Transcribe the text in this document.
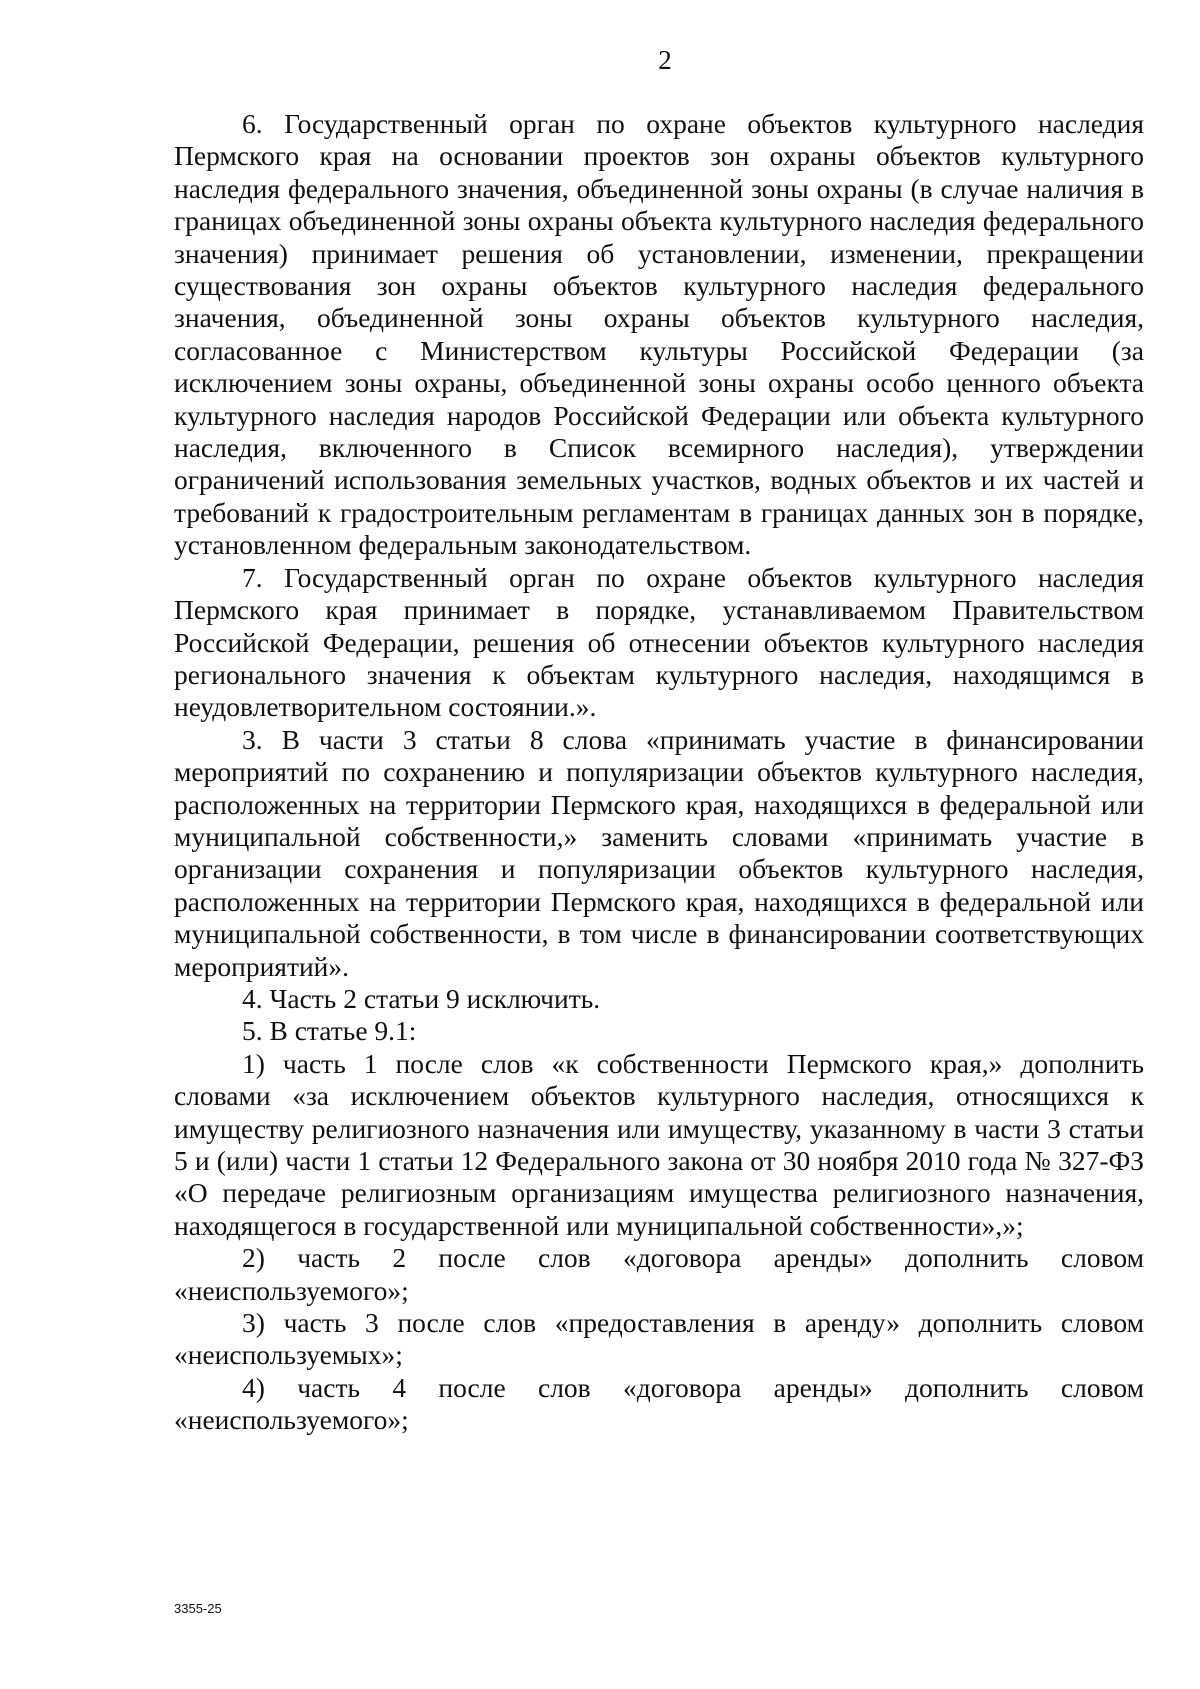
2

6. Государственный орган по охране объектов культурного наследия Пермского края на основании проектов зон охраны объектов культурного наследия федерального значения, объединенной зоны охраны (в случае наличия в границах объединенной зоны охраны объекта культурного наследия федерального значения) принимает решения об установлении, изменении, прекращении существования зон охраны объектов культурного наследия федерального значения, объединенной зоны охраны объектов культурного наследия, согласованное с Министерством культуры Российской Федерации (за исключением зоны охраны, объединенной зоны охраны особо ценного объекта культурного наследия народов Российской Федерации или объекта культурного наследия, включенного в Список всемирного наследия), утверждении ограничений использования земельных участков, водных объектов и их частей и требований к градостроительным регламентам в границах данных зон в порядке, установленном федеральным законодательством.

7. Государственный орган по охране объектов культурного наследия Пермского края принимает в порядке, устанавливаемом Правительством Российской Федерации, решения об отнесении объектов культурного наследия регионального значения к объектам культурного наследия, находящимся в неудовлетворительном состоянии.».

3. В части 3 статьи 8 слова «принимать участие в финансировании мероприятий по сохранению и популяризации объектов культурного наследия, расположенных на территории Пермского края, находящихся в федеральной или муниципальной собственности,» заменить словами «принимать участие в организации сохранения и популяризации объектов культурного наследия, расположенных на территории Пермского края, находящихся в федеральной или муниципальной собственности, в том числе в финансировании соответствующих мероприятий».

4. Часть 2 статьи 9 исключить.

5. В статье 9.1:

1) часть 1 после слов «к собственности Пермского края,» дополнить словами «за исключением объектов культурного наследия, относящихся к имуществу религиозного назначения или имуществу, указанному в части 3 статьи 5 и (или) части 1 статьи 12 Федерального закона от 30 ноября 2010 года № 327-ФЗ «О передаче религиозным организациям имущества религиозного назначения, находящегося в государственной или муниципальной собственности»,»;

2) часть 2 после слов «договора аренды» дополнить словом «неиспользуемого»;

3) часть 3 после слов «предоставления в аренду» дополнить словом «неиспользуемых»;

4) часть 4 после слов «договора аренды» дополнить словом «неиспользуемого»;

3355-25
